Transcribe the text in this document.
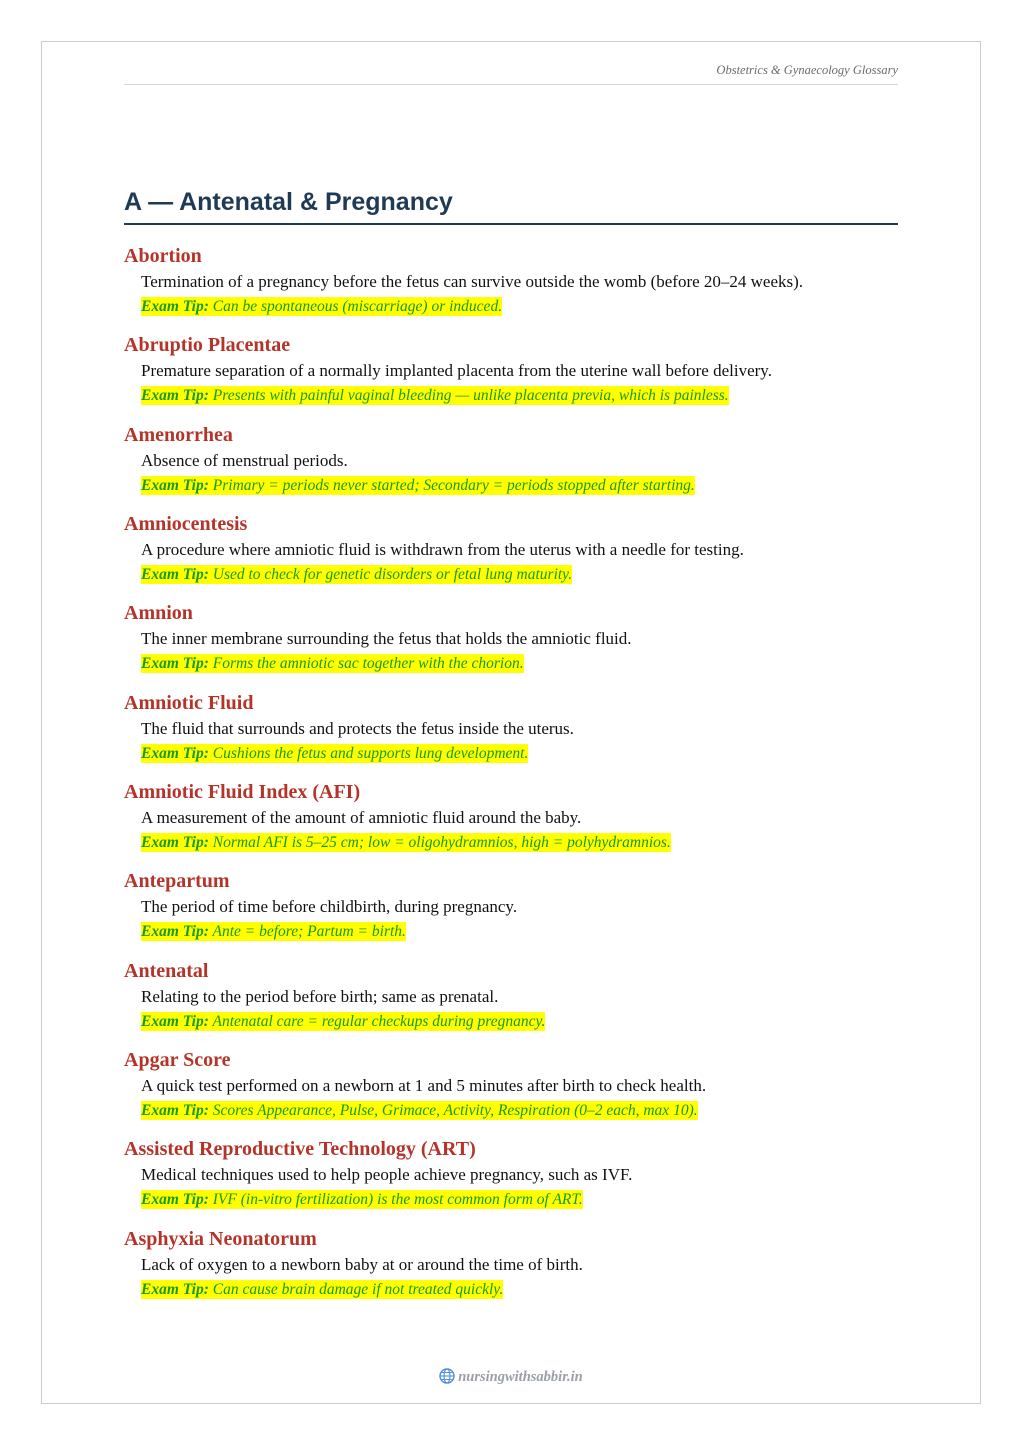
Obstetrics & Gynaecology Glossary
A — Antenatal & Pregnancy
Abortion
Termination of a pregnancy before the fetus can survive outside the womb (before 20–24 weeks).
Exam Tip: Can be spontaneous (miscarriage) or induced.
Abruptio Placentae
Premature separation of a normally implanted placenta from the uterine wall before delivery.
Exam Tip: Presents with painful vaginal bleeding — unlike placenta previa, which is painless.
Amenorrhea
Absence of menstrual periods.
Exam Tip: Primary = periods never started; Secondary = periods stopped after starting.
Amniocentesis
A procedure where amniotic fluid is withdrawn from the uterus with a needle for testing.
Exam Tip: Used to check for genetic disorders or fetal lung maturity.
Amnion
The inner membrane surrounding the fetus that holds the amniotic fluid.
Exam Tip: Forms the amniotic sac together with the chorion.
Amniotic Fluid
The fluid that surrounds and protects the fetus inside the uterus.
Exam Tip: Cushions the fetus and supports lung development.
Amniotic Fluid Index (AFI)
A measurement of the amount of amniotic fluid around the baby.
Exam Tip: Normal AFI is 5–25 cm; low = oligohydramnios, high = polyhydramnios.
Antepartum
The period of time before childbirth, during pregnancy.
Exam Tip: Ante = before; Partum = birth.
Antenatal
Relating to the period before birth; same as prenatal.
Exam Tip: Antenatal care = regular checkups during pregnancy.
Apgar Score
A quick test performed on a newborn at 1 and 5 minutes after birth to check health.
Exam Tip: Scores Appearance, Pulse, Grimace, Activity, Respiration (0–2 each, max 10).
Assisted Reproductive Technology (ART)
Medical techniques used to help people achieve pregnancy, such as IVF.
Exam Tip: IVF (in-vitro fertilization) is the most common form of ART.
Asphyxia Neonatorum
Lack of oxygen to a newborn baby at or around the time of birth.
Exam Tip: Can cause brain damage if not treated quickly.
nursingwithsabbir.in
